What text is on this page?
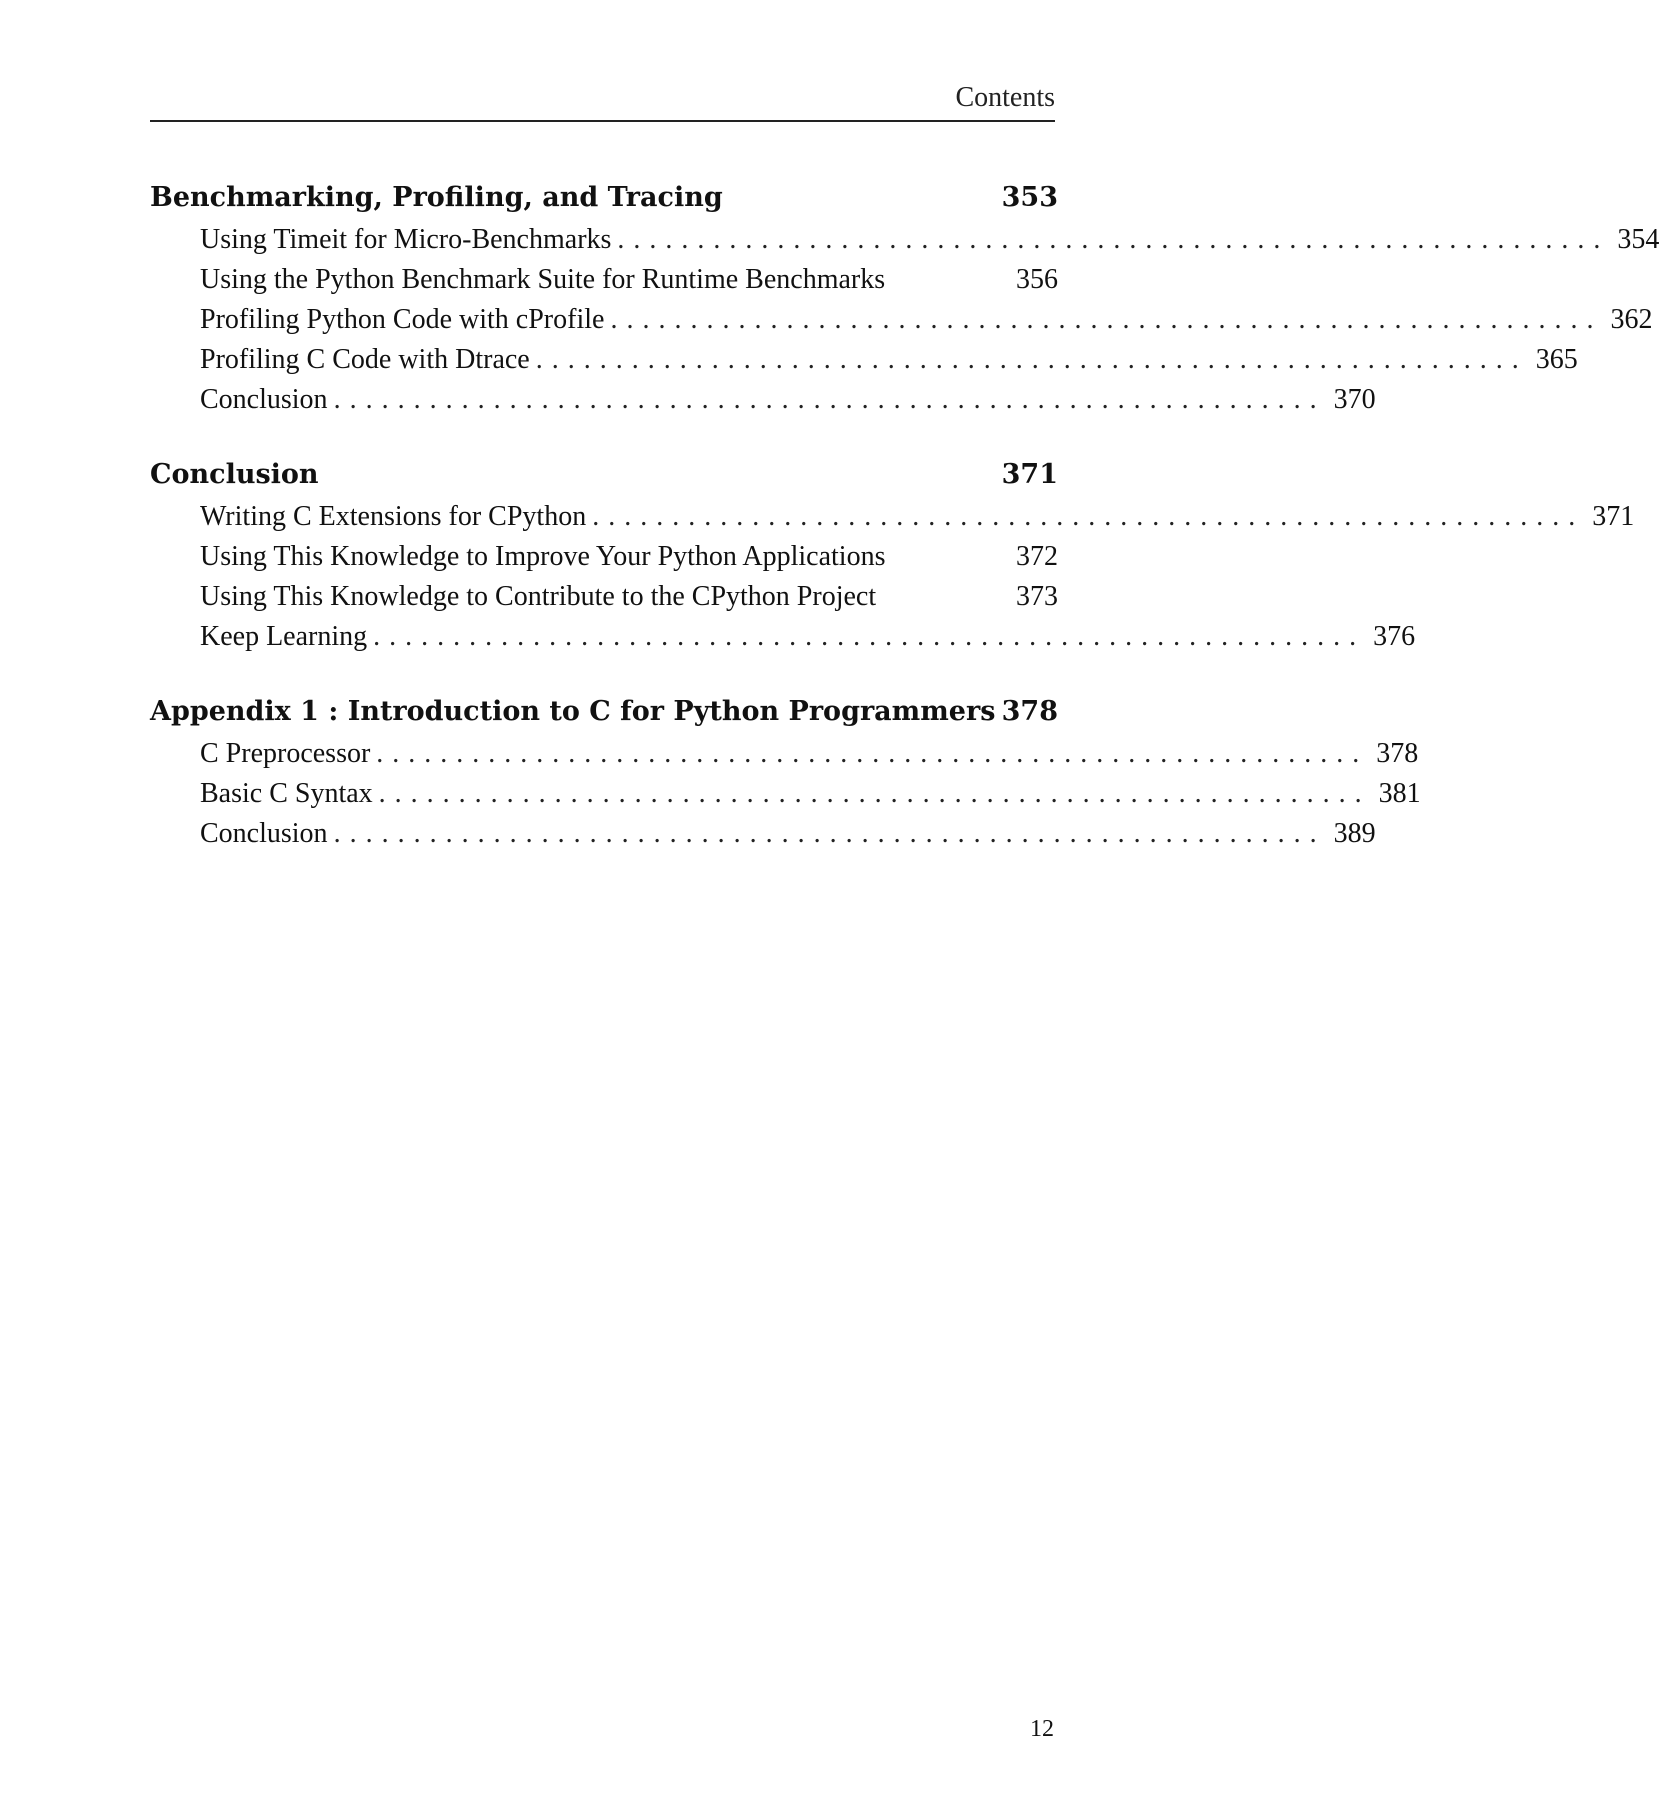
Contents
Benchmarking, Profiling, and Tracing	353
Using Timeit for Micro-Benchmarks .............................................................. 354
Using the Python Benchmark Suite for Runtime Benchmarks	356
Profiling Python Code with cProfile .............................................................. 362
Profiling C Code with Dtrace .............................................................. 365
Conclusion .............................................................. 370
Conclusion	371
Writing C Extensions for CPython .............................................................. 371
Using This Knowledge to Improve Your Python Applications	372
Using This Knowledge to Contribute to the CPython Project	373
Keep Learning .............................................................. 376
Appendix 1 : Introduction to C for Python Programmers 378
C Preprocessor .............................................................. 378
Basic C Syntax .............................................................. 381
Conclusion .............................................................. 389
12
